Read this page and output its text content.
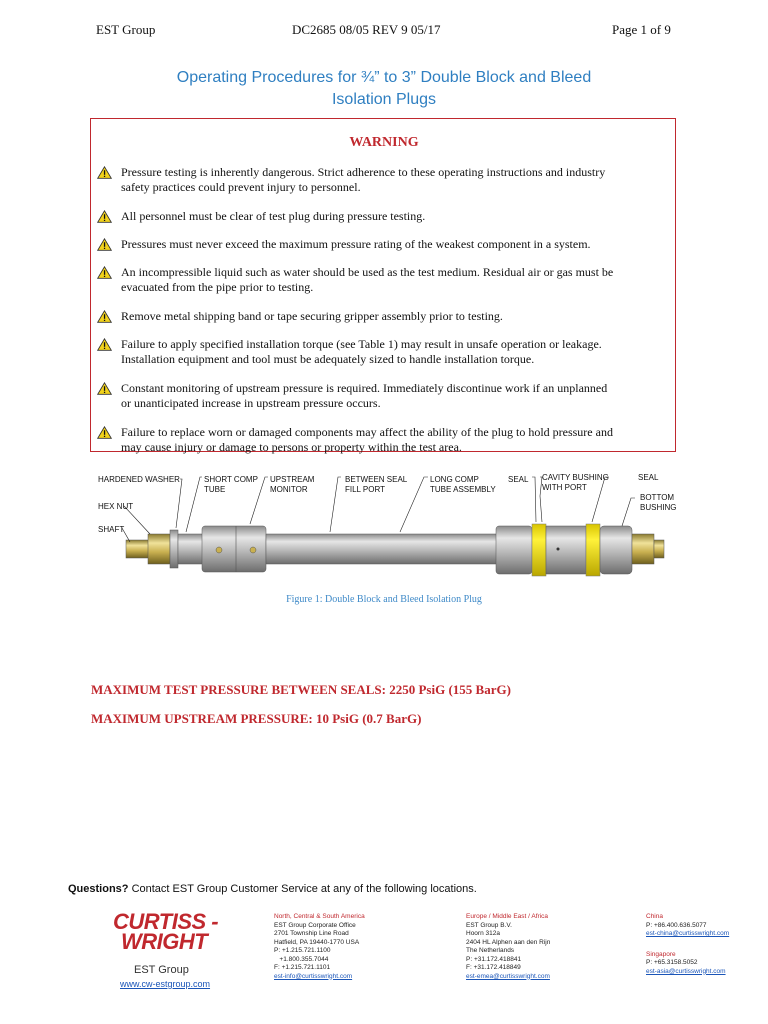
EST Group	DC2685 08/05 REV 9 05/17	Page 1 of 9
Operating Procedures for ¾” to 3” Double Block and Bleed
Isolation Plugs
WARNING
Pressure testing is inherently dangerous. Strict adherence to these operating instructions and industry
safety practices could prevent injury to personnel.
All personnel must be clear of test plug during pressure testing.
Pressures must never exceed the maximum pressure rating of the weakest component in a system.
An incompressible liquid such as water should be used as the test medium. Residual air or gas must be
evacuated from the pipe prior to testing.
Remove metal shipping band or tape securing gripper assembly prior to testing.
Failure to apply specified installation torque (see Table 1) may result in unsafe operation or leakage.
Installation equipment and tool must be adequately sized to handle installation torque.
Constant monitoring of upstream pressure is required. Immediately discontinue work if an unplanned
or unanticipated increase in upstream pressure occurs.
Failure to replace worn or damaged components may affect the ability of the plug to hold pressure and
may cause injury or damage to persons or property within the test area.
HARDENED WASHER
HEX NUT
SHAFT
SHORT COMP
TUBE
UPSTREAM
MONITOR
BETWEEN SEAL
FILL PORT
LONG COMP
TUBE ASSEMBLY
SEAL CAVITY BUSHING
WITH PORT
SEAL
BOTTOM
BUSHING
Figure 1: Double Block and Bleed Isolation Plug
MAXIMUM TEST PRESSURE BETWEEN SEALS: 2250 PsiG (155 BarG)
MAXIMUM UPSTREAM PRESSURE: 10 PsiG (0.7 BarG)
Questions? Contact EST Group Customer Service at any of the following locations.
CURTISS -
WRIGHT
EST Group
www.cw-estgroup.com
North, Central & South America
EST Group Corporate Office
2701 Township Line Road
Hatfield, PA 19440-1770 USA
P: +1.215.721.1100
+1.800.355.7044
F: +1.215.721.1101
est-info@curtisswright.com
Europe / Middle East / Africa
EST Group B.V.
Hoorn 312a
2404 HL Alphen aan den Rijn
The Netherlands
P: +31.172.418841
F: +31.172.418849
est-emea@curtisswright.com
China
P: +86.400.636.5077
est-china@curtisswright.com
Singapore
P: +65.3158.5052
est-asia@curtisswright.com
